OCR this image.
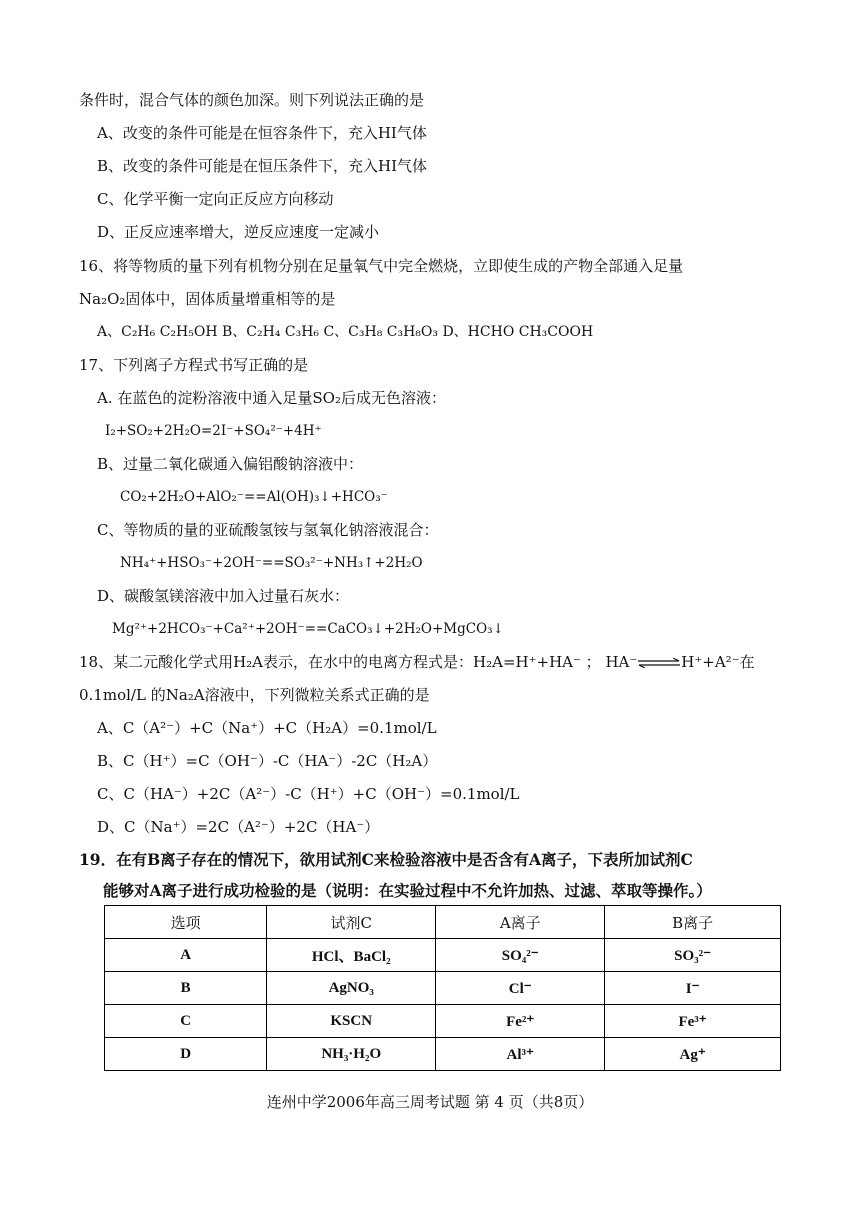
条件时，混合气体的颜色加深。则下列说法正确的是
A、改变的条件可能是在恒容条件下，充入HI气体
B、改变的条件可能是在恒压条件下，充入HI气体
C、化学平衡一定向正反应方向移动
D、正反应速率增大，逆反应速度一定减小
16、将等物质的量下列有机物分别在足量氧气中完全燃烧，立即使生成的产物全部通入足量
Na₂O₂固体中，固体质量增重相等的是
A、C₂H₆ C₂H₅OH B、C₂H₄ C₃H₆ C、C₃H₈ C₃H₈O₃ D、HCHO CH₃COOH
17、下列离子方程式书写正确的是
A. 在蓝色的淀粉溶液中通入足量SO₂后成无色溶液：
I₂+SO₂+2H₂O=2I⁻+SO₄²⁻+4H⁺
B、过量二氧化碳通入偏铝酸钠溶液中：
CO₂+2H₂O+AlO₂⁻==Al(OH)₃↓+HCO₃⁻
C、等物质的量的亚硫酸氢铵与氢氧化钠溶液混合：
NH₄⁺+HSO₃⁻+2OH⁻==SO₃²⁻+NH₃↑+2H₂O
D、碳酸氢镁溶液中加入过量石灰水：
Mg²⁺+2HCO₃⁻+Ca²⁺+2OH⁻==CaCO₃↓+2H₂O+MgCO₃↓
18、某二元酸化学式用H₂A表示，在水中的电离方程式是：H₂A=H⁺+HA⁻ ； HA⁻⇌H⁺+A²⁻在
0.1mol/L 的Na₂A溶液中，下列微粒关系式正确的是
A、C（A²⁻）+C（Na⁺）+C（H₂A）=0.1mol/L
B、C（H⁺）=C（OH⁻）-C（HA⁻）-2C（H₂A）
C、C（HA⁻）+2C（A²⁻）-C（H⁺）+C（OH⁻）=0.1mol/L
D、C（Na⁺）=2C（A²⁻）+2C（HA⁻）
19．在有B离子存在的情况下，欲用试剂C来检验溶液中是否含有A离子，下表所加试剂C
能够对A离子进行成功检验的是（说明：在实验过程中不允许加热、过滤、萃取等操作。）
选项	试剂C	A离子	B离子
A	HCl、BaCl₂	SO₄²⁻	SO₃²⁻
B	AgNO₃	Cl⁻	I⁻
C	KSCN	Fe²⁺	Fe³⁺
D	NH₃·H₂O	Al³⁺	Ag⁺
连州中学2006年高三周考试题 第 4 页（共8页）
